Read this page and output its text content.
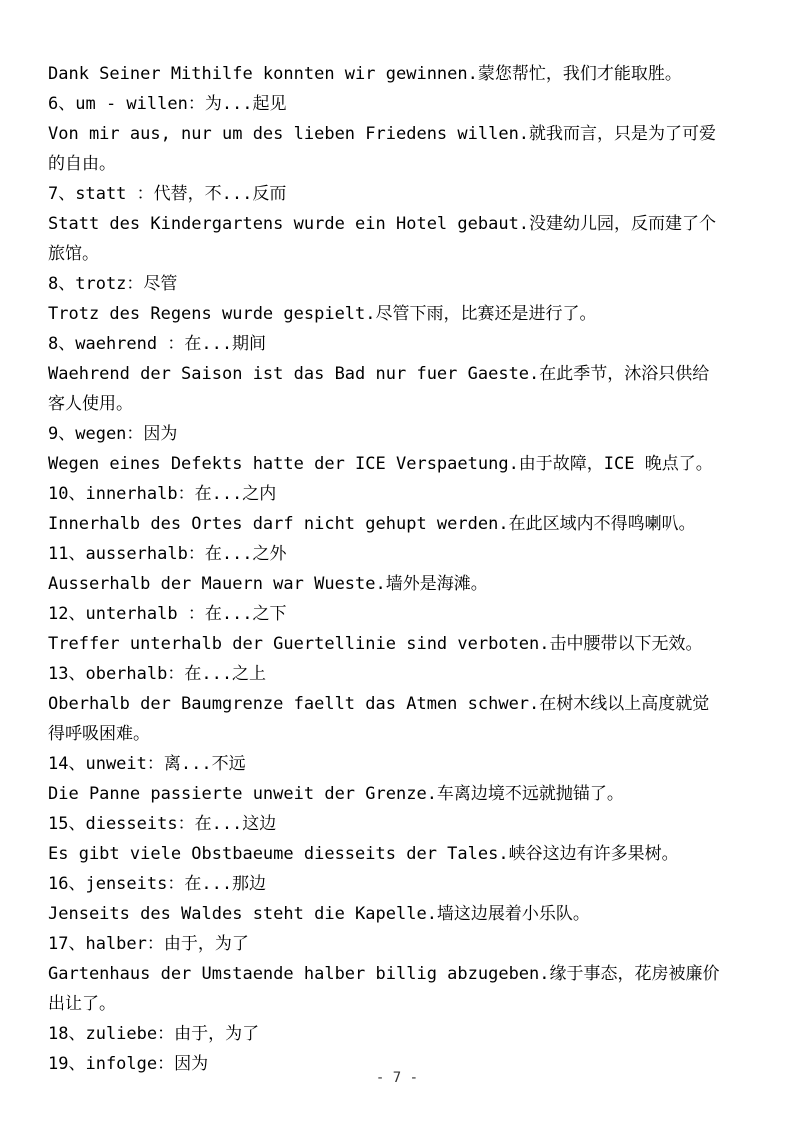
Dank Seiner Mithilfe konnten wir gewinnen.蒙您帮忙，我们才能取胜。
6、um - willen：为...起见
Von mir aus, nur um des lieben Friedens willen.就我而言，只是为了可爱
的自由。
7、statt ：代替，不...反而
Statt des Kindergartens wurde ein Hotel gebaut.没建幼儿园，反而建了个
旅馆。
8、trotz：尽管
Trotz des Regens wurde gespielt.尽管下雨，比赛还是进行了。
8、waehrend ：在...期间
Waehrend der Saison ist das Bad nur fuer Gaeste.在此季节，沐浴只供给
客人使用。
9、wegen：因为
Wegen eines Defekts hatte der ICE Verspaetung.由于故障，ICE 晚点了。
10、innerhalb：在...之内
Innerhalb des Ortes darf nicht gehupt werden.在此区域内不得鸣喇叭。
11、ausserhalb：在...之外
Ausserhalb der Mauern war Wueste.墙外是海滩。
12、unterhalb ：在...之下
Treffer unterhalb der Guertellinie sind verboten.击中腰带以下无效。
13、oberhalb：在...之上
Oberhalb der Baumgrenze faellt das Atmen schwer.在树木线以上高度就觉
得呼吸困难。
14、unweit：离...不远
Die Panne passierte unweit der Grenze.车离边境不远就抛锚了。
15、diesseits：在...这边
Es gibt viele Obstbaeume diesseits der Tales.峡谷这边有许多果树。
16、jenseits：在...那边
Jenseits des Waldes steht die Kapelle.墙这边展着小乐队。
17、halber：由于，为了
Gartenhaus der Umstaende halber billig abzugeben.缘于事态，花房被廉价
出让了。
18、zuliebe：由于，为了
19、infolge：因为
- 7 -
